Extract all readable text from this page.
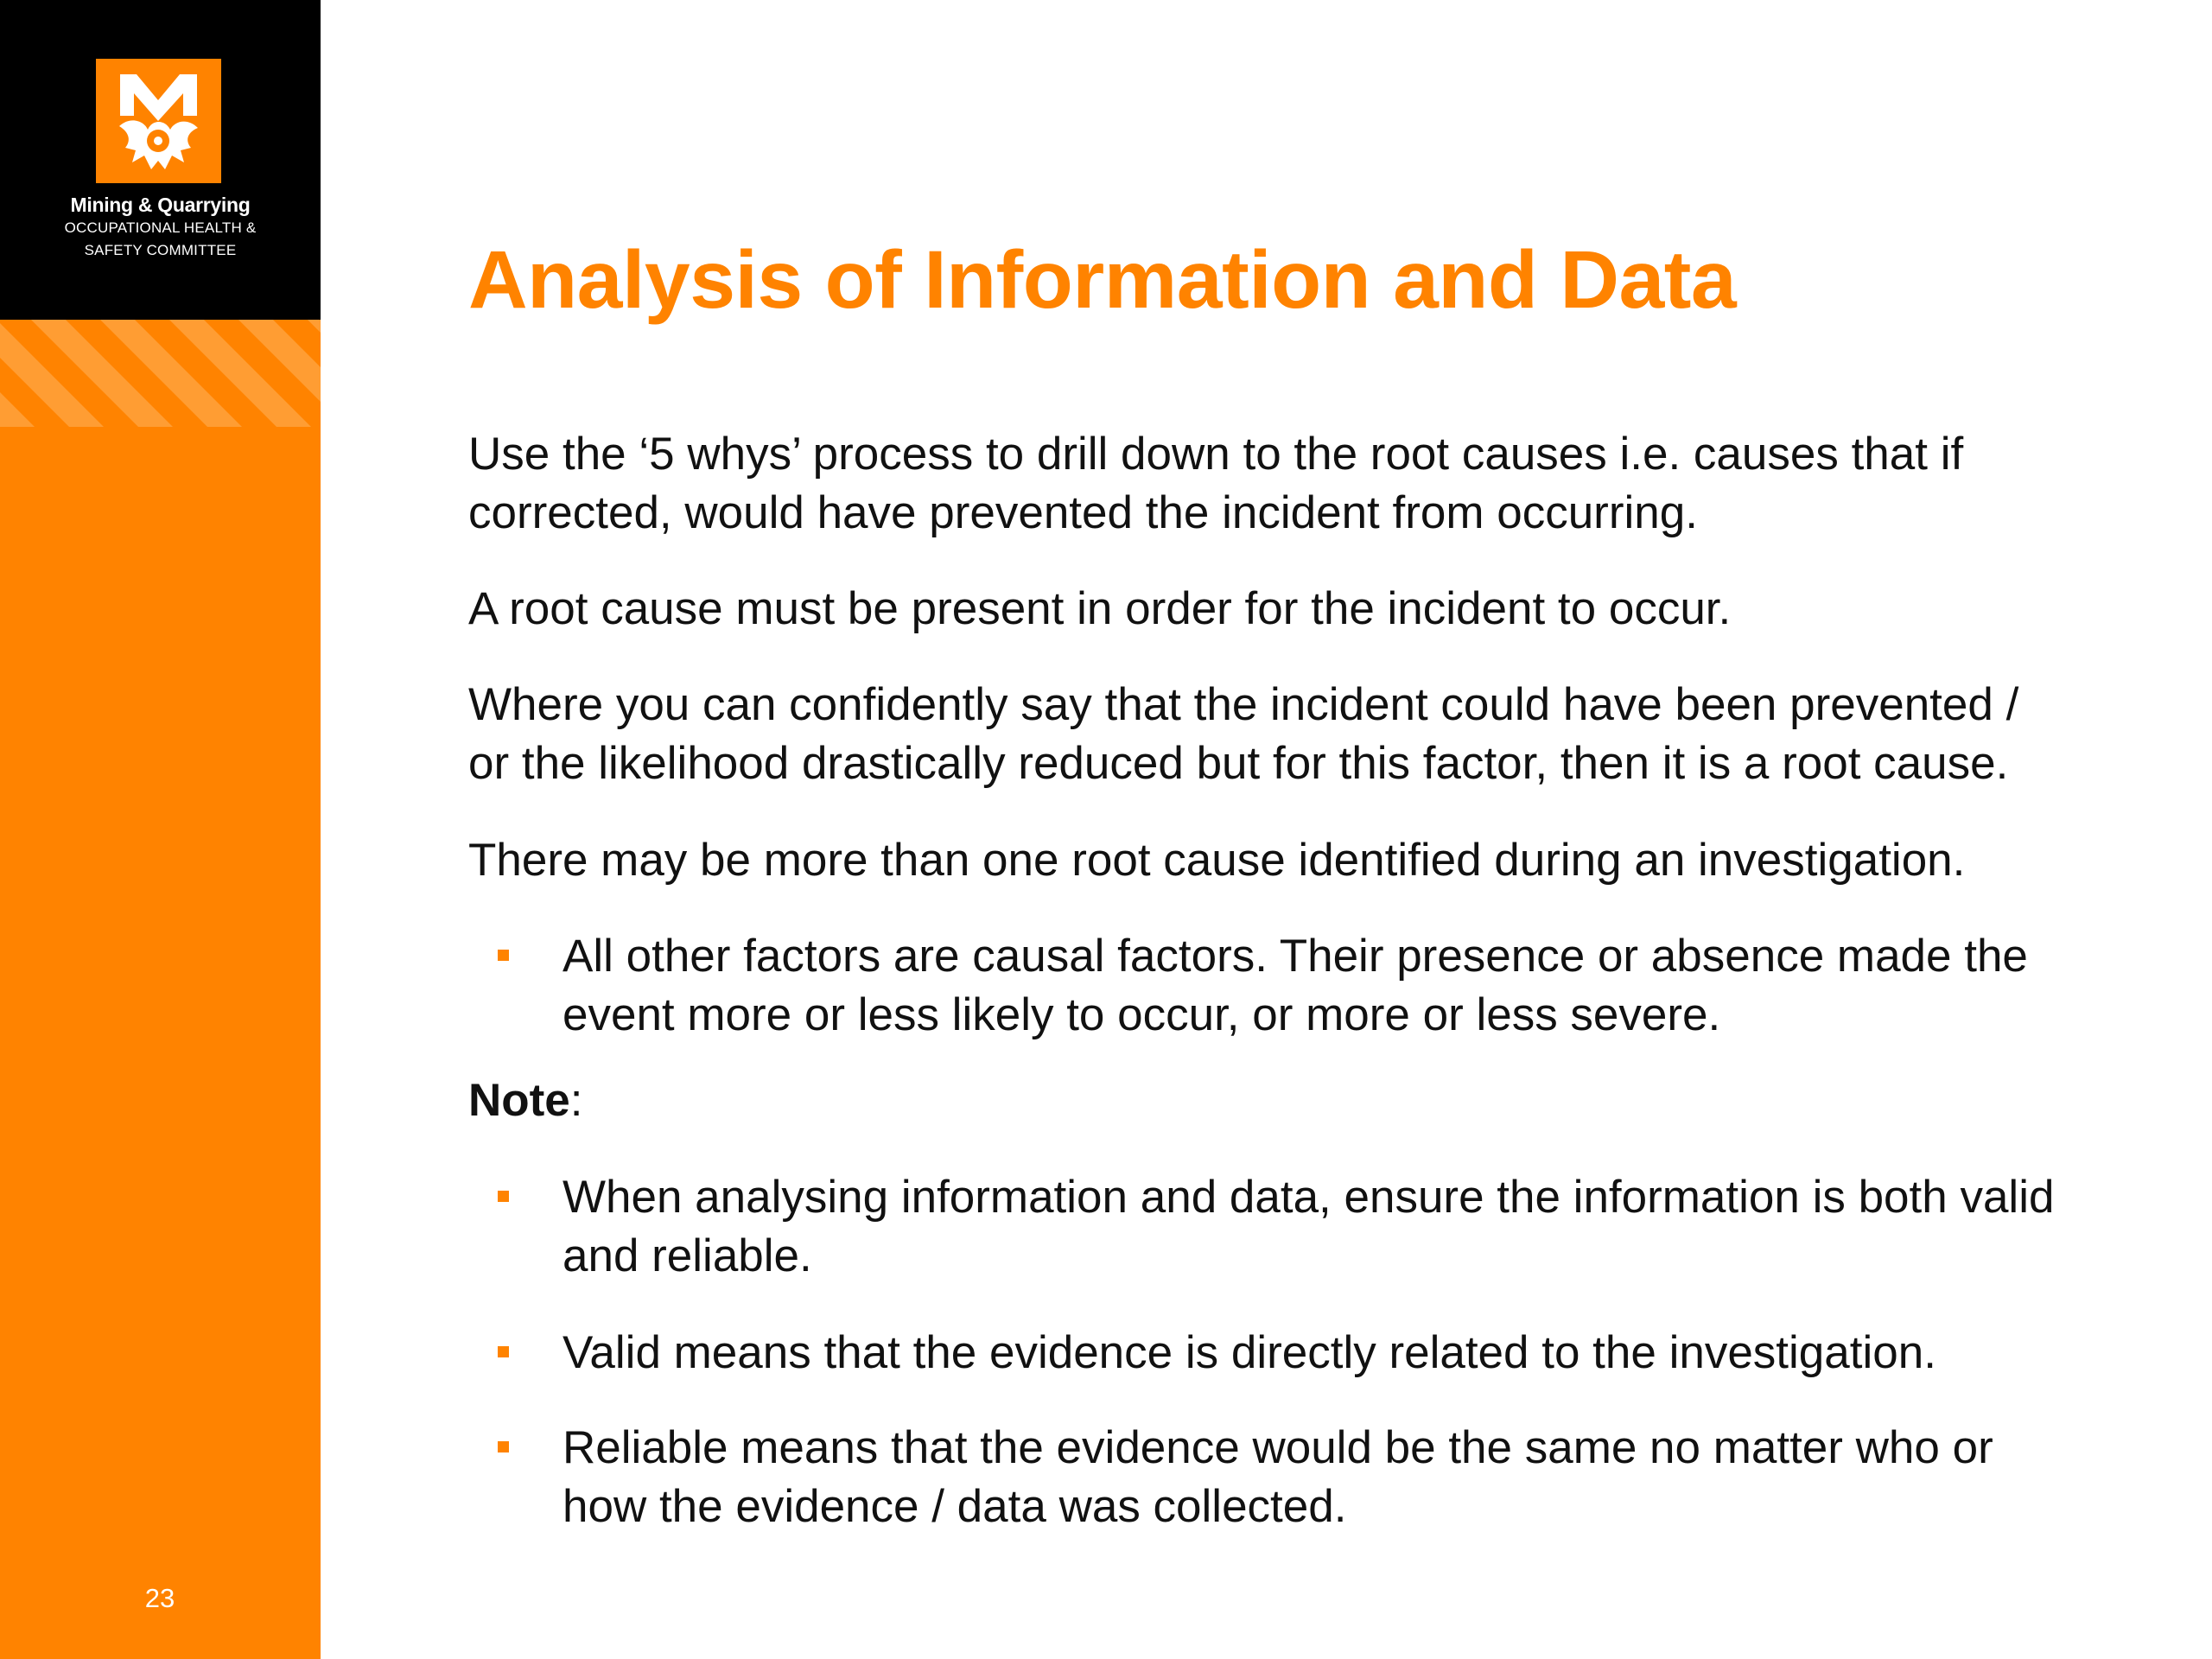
Mining & Quarrying
OCCUPATIONAL HEALTH &
SAFETY COMMITTEE
23
Analysis of Information and Data

Use the ‘5 whys’ process to drill down to the root causes i.e. causes that if
corrected, would have prevented the incident from occurring.

A root cause must be present in order for the incident to occur.

Where you can confidently say that the incident could have been prevented /
or the likelihood drastically reduced but for this factor, then it is a root cause.

There may be more than one root cause identified during an investigation.

All other factors are causal factors. Their presence or absence made the
event more or less likely to occur, or more or less severe.

Note:

When analysing information and data, ensure the information is both valid
and reliable.

Valid means that the evidence is directly related to the investigation.

Reliable means that the evidence would be the same no matter who or
how the evidence / data was collected.
